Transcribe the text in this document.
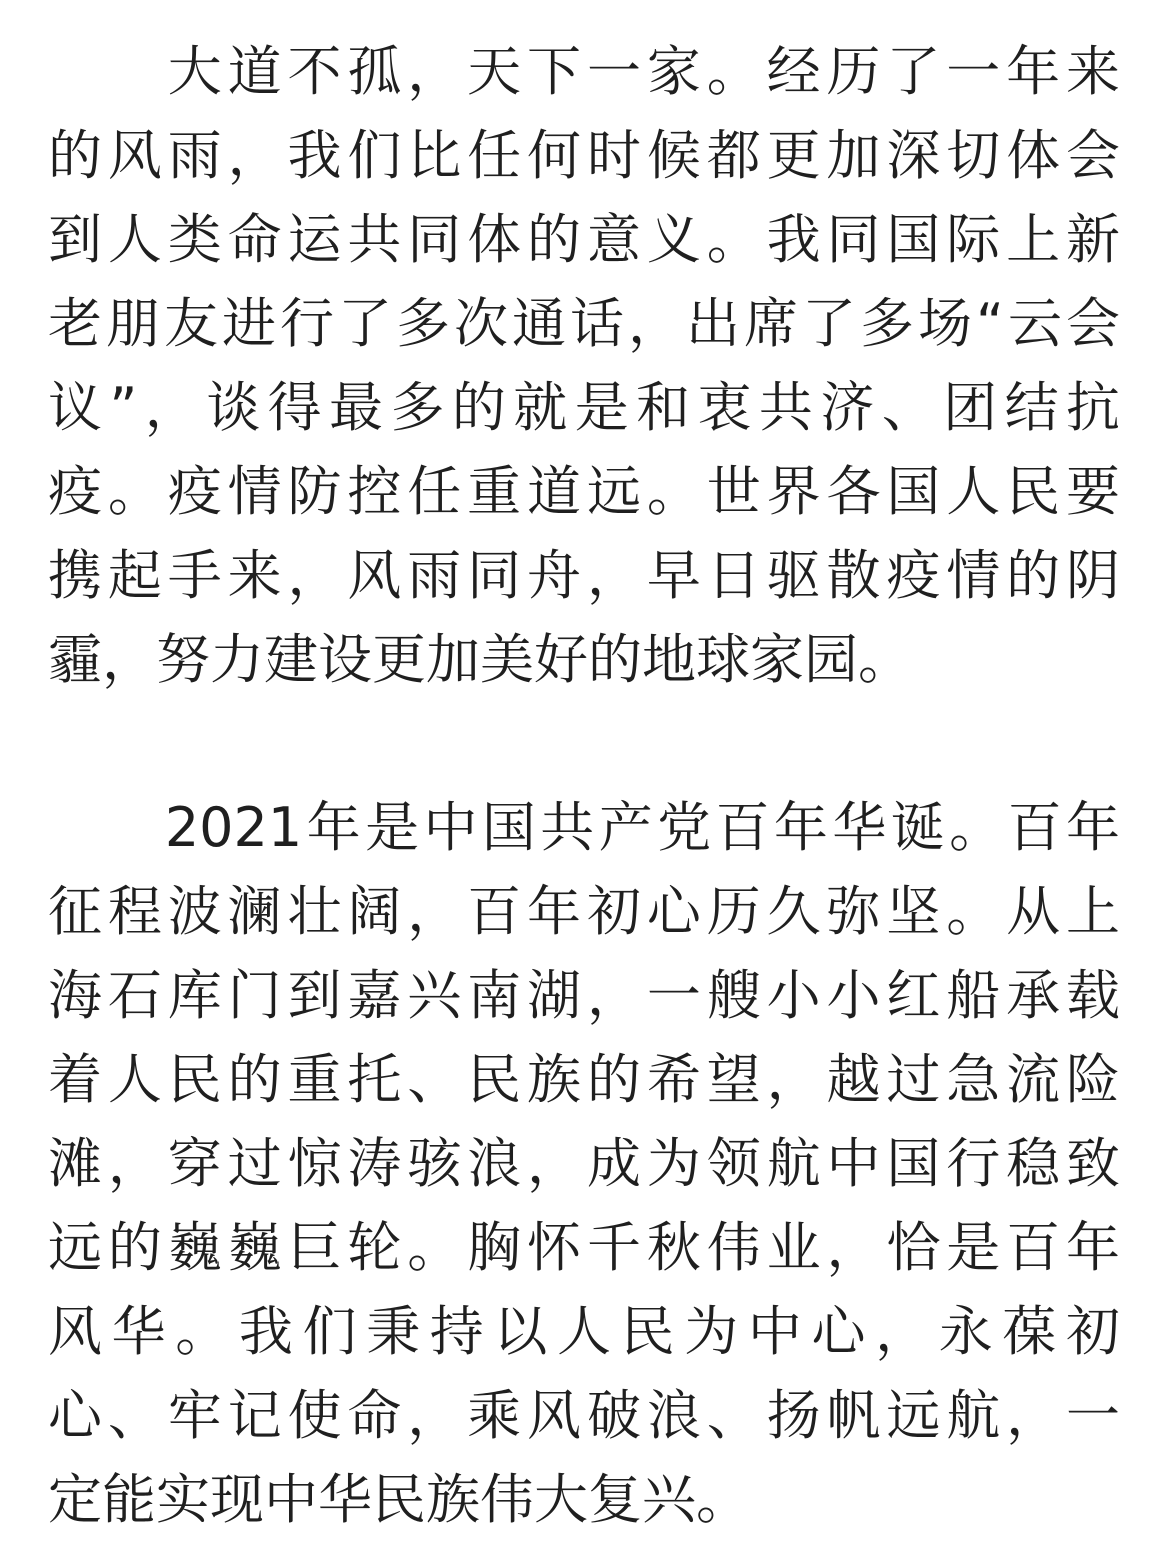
　　大道不孤，天下一家。经历了一年来
的风雨，我们比任何时候都更加深切体会
到人类命运共同体的意义。我同国际上新
老朋友进行了多次通话，出席了多场“云会
议”，谈得最多的就是和衷共济、团结抗
疫。疫情防控任重道远。世界各国人民要
携起手来，风雨同舟，早日驱散疫情的阴
霾，努力建设更加美好的地球家园。
　　2021年是中国共产党百年华诞。百年
征程波澜壮阔，百年初心历久弥坚。从上
海石库门到嘉兴南湖，一艘小小红船承载
着人民的重托、民族的希望，越过急流险
滩，穿过惊涛骇浪，成为领航中国行稳致
远的巍巍巨轮。胸怀千秋伟业，恰是百年
风华。我们秉持以人民为中心，永葆初
心、牢记使命，乘风破浪、扬帆远航，一
定能实现中华民族伟大复兴。
